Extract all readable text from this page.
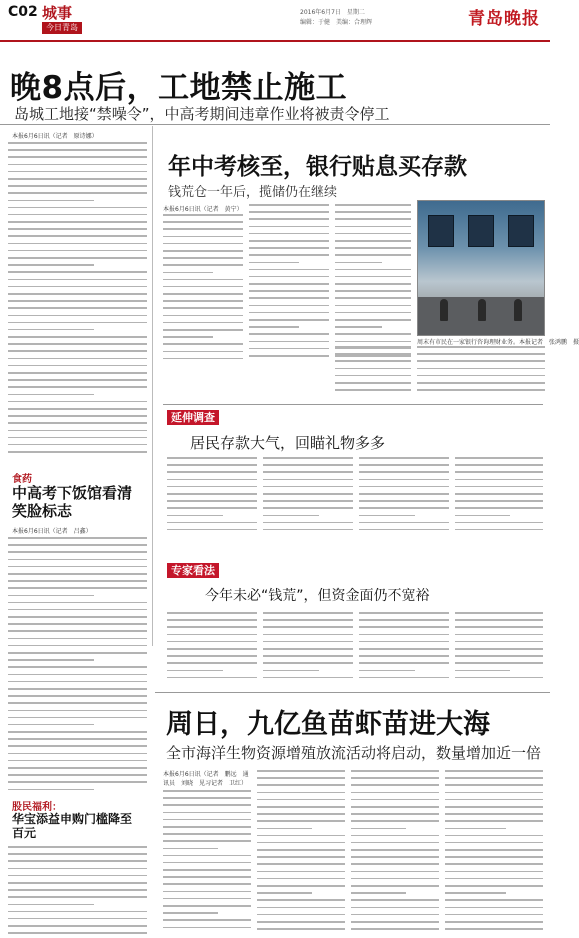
C02 城事
今日青岛
2016年6月7日　星期二
编辑：于健　美编：合理辉	青岛晚报
晚8点后，工地禁止施工
岛城工地接“禁噪令”，中高考期间违章作业将被责令停工
本报6月6日讯（记者　原诗娜）
食药
中高考下饭馆看清笑脸标志
本报6月6日讯（记者　吕鑫）
股民福利：
华宝添益申购门槛降至百元
年中考核至，银行贴息买存款
钱荒仓一年后，揽储仍在继续
本报6月6日讯（记者　黄宁）
周末有市民在一家银行咨询理财业务。本报记者　张鸿鹏　摄
延伸调查
居民存款大气，回瞄礼物多多
专家看法
今年未必“钱荒”，但资金面仍不宽裕
周日，九亿鱼苗虾苗进大海
全市海洋生物资源增殖放流活动将启动，数量增加近一倍
本报6月6日讯（记者　鹏远　通讯员　刘晓　见习记者　卫红）
